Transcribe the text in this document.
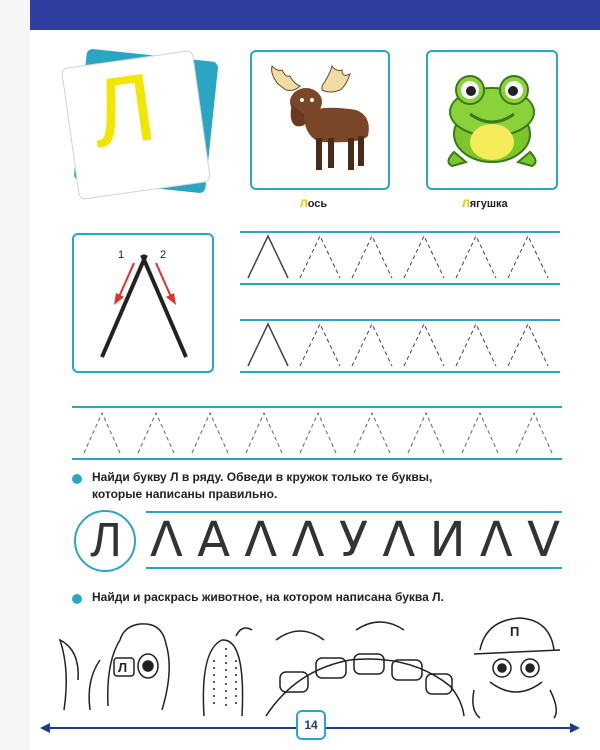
Л
Лось	Лягушка
1	2
Найди букву Л в ряду. Обведи в кружок только те буквы,
которые написаны правильно.
Л Λ A Λ Λ У Λ И Λ V
Найди и раскрась животное, на котором написана буква Л.
Л
П
14
